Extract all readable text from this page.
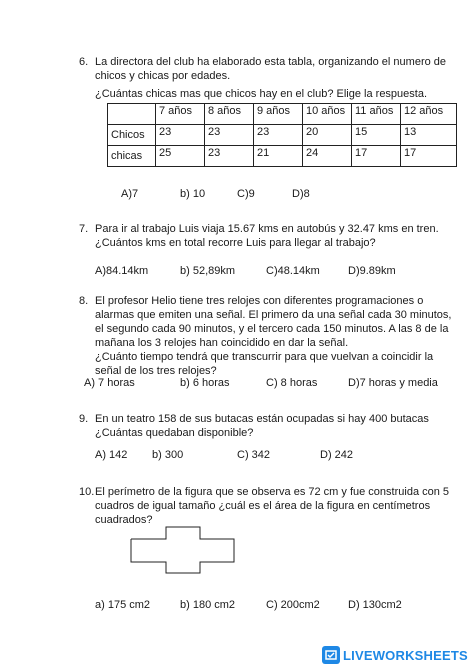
6. La directora del club ha elaborado esta tabla, organizando el numero de
chicos y chicas por edades.
¿Cuántas chicas mas que chicos hay en el club? Elige la respuesta.
	7 años	8 años	9 años	10 años	11 años	12 años
Chicos	23	23	23	20	15	13
chicas	25	23	21	24	17	17
A)7	b) 10	C)9	D)8
7. Para ir al trabajo Luis viaja 15.67 kms en autobús y 32.47 kms en tren.
¿Cuántos kms en total recorre Luis para llegar al trabajo?
A)84.14km	b) 52,89km	C)48.14km	D)9.89km
8. El profesor Helio tiene tres relojes con diferentes programaciones o
alarmas que emiten una señal. El primero da una señal cada 30 minutos,
el segundo cada 90 minutos, y el tercero cada 150 minutos. A las 8 de la
mañana los 3 relojes han coincidido en dar la señal.
¿Cuánto tiempo tendrá que transcurrir para que vuelvan a coincidir la
señal de los tres relojes?
A) 7 horas	b) 6 horas	C) 8 horas	D)7 horas y media
9. En un teatro 158 de sus butacas están ocupadas si hay 400 butacas
¿Cuántas quedaban disponible?
A) 142 b) 300	C) 342	D) 242
10. El perímetro de la figura que se observa es 72 cm y fue construida con 5
cuadros de igual tamaño ¿cuál es el área de la figura en centímetros
cuadrados?
a) 175 cm2	b) 180 cm2	C) 200cm2	D) 130cm2
LIVEWORKSHEETS
